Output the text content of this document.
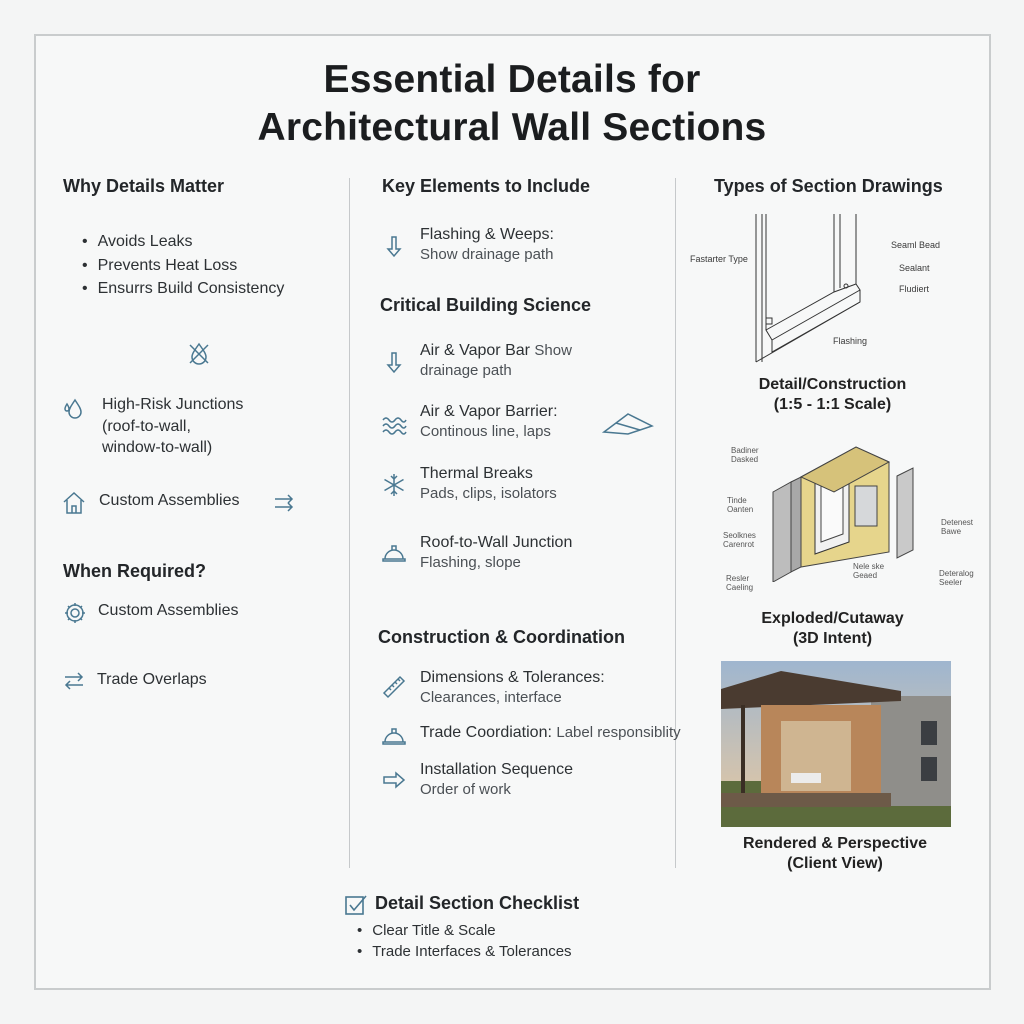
Essential Details for
Architectural Wall Sections
Why Details Matter
• Avoids Leaks
• Prevents Heat Loss
• Ensurrs Build Consistency
High-Risk Junctions
(roof-to-wall,
window-to-wall)
Custom Assemblies
When Required?
Custom Assemblies
Trade Overlaps
Key Elements to Include
Flashing & Weeps:
Show drainage path
Critical Building Science
Air & Vapor Bar Show
drainage path
Air & Vapor Barrier:
Continous line, laps
Thermal Breaks
Pads, clips, isolators
Roof-to-Wall Junction
Flashing, slope
Construction & Coordination
Dimensions & Tolerances:
Clearances, interface
Trade Coordiation: Label responsiblity
Installation Sequence
Order of work
Types of Section Drawings
Fastarter Type
Seaml Bead
Sealant
Fludiert
Flashing
Detail/Construction
(1:5 - 1:1 Scale)
Badiner
Dasked
Tinde
Oanten
Seolknes
Carenrot
Nele ske
Geaed
Resler
Caeling
Detenest
Bawe
Deteralog
Seeler
Exploded/Cutaway
(3D Intent)
Rendered & Perspective
(Client View)
Detail Section Checklist
• Clear Title & Scale
• Trade Interfaces & Tolerances
